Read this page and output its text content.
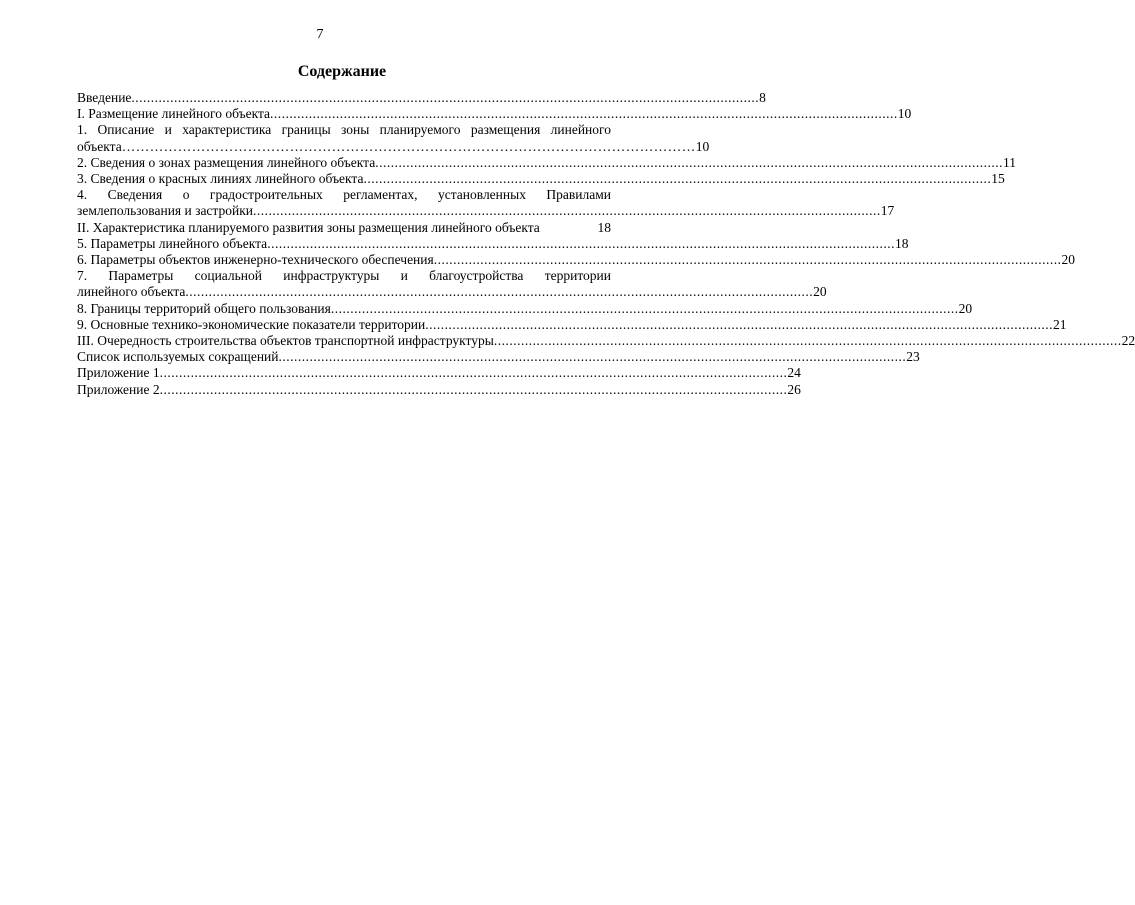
7
Содержание
Введение .................................................................................................................................................................. 8
I. Размещение линейного объекта .................................................................................................................................................................. 10
1. Описание и характеристика границы зоны планируемого размещения линейного
объекта …………………………………………………………………………………………………………… 10
2. Сведения о зонах размещения линейного объекта .................................................................................................................................................................. 11
3. Сведения о красных линиях линейного объекта .................................................................................................................................................................. 15
4. Сведения о градостроительных регламентах, установленных Правилами
землепользования и застройки .................................................................................................................................................................. 17
II. Характеристика планируемого развития зоны размещения линейного объекта	18
5. Параметры линейного объекта .................................................................................................................................................................. 18
6. Параметры объектов инженерно-технического обеспечения .................................................................................................................................................................. 20
7. Параметры социальной инфраструктуры и благоустройства территории
линейного объекта .................................................................................................................................................................. 20
8. Границы территорий общего пользования .................................................................................................................................................................. 20
9. Основные технико-экономические показатели территории .................................................................................................................................................................. 21
III. Очередность строительства объектов транспортной инфраструктуры .................................................................................................................................................................. 22
Список используемых сокращений .................................................................................................................................................................. 23
Приложение 1 .................................................................................................................................................................. 24
Приложение 2 .................................................................................................................................................................. 26
